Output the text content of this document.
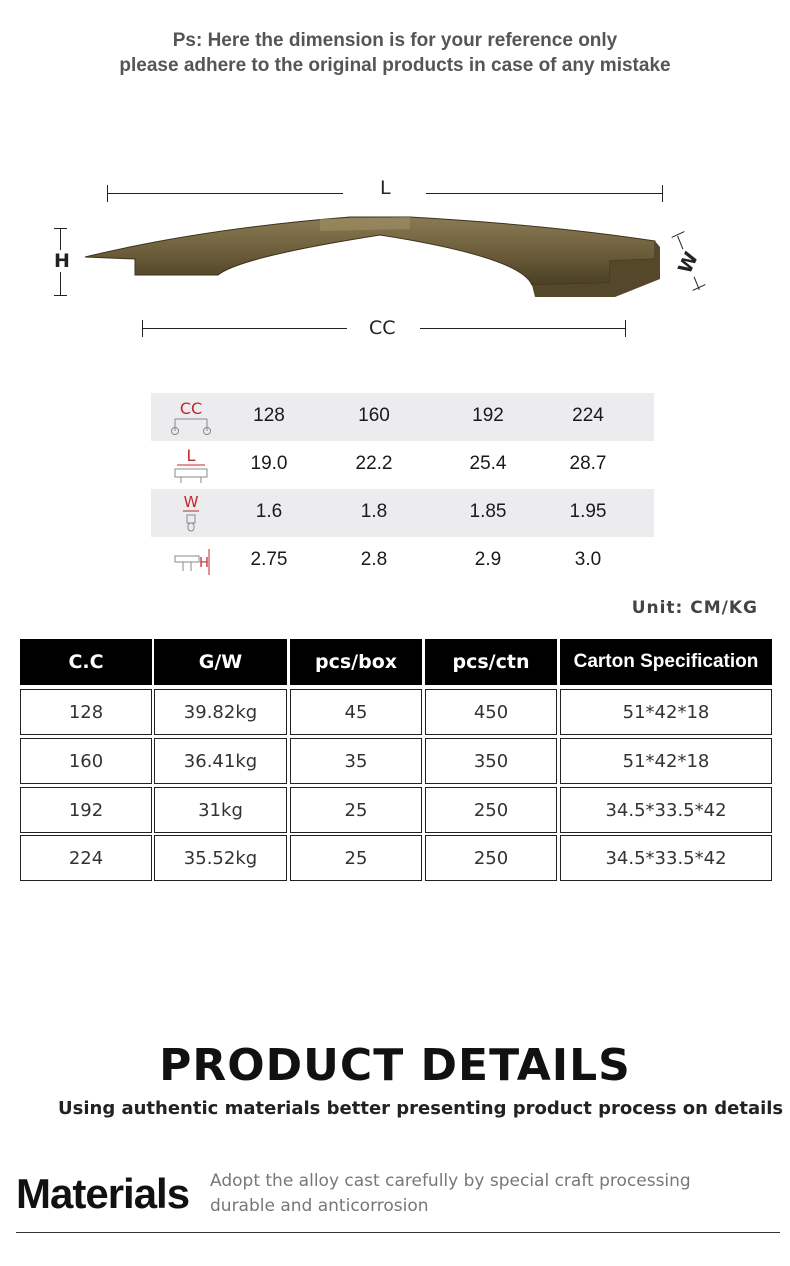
Ps: Here the dimension is for your reference only
please adhere to the original products in case of any mistake
L
H	W
CC
CC	128	160	192	224
L	19.0	22.2	25.4	28.7
W	1.6	1.8	1.85	1.95
H	2.75	2.8	2.9	3.0
Unit: CM/KG
C.C	G/W	pcs/box	pcs/ctn	Carton Specification
128	39.82kg	45	450	51*42*18
160	36.41kg	35	350	51*42*18
192	31kg	25	250	34.5*33.5*42
224	35.52kg	25	250	34.5*33.5*42
PRODUCT DETAILS
Using authentic materials better presenting product process on details
Materials Adopt the alloy cast carefully by special craft processing
durable and anticorrosion
